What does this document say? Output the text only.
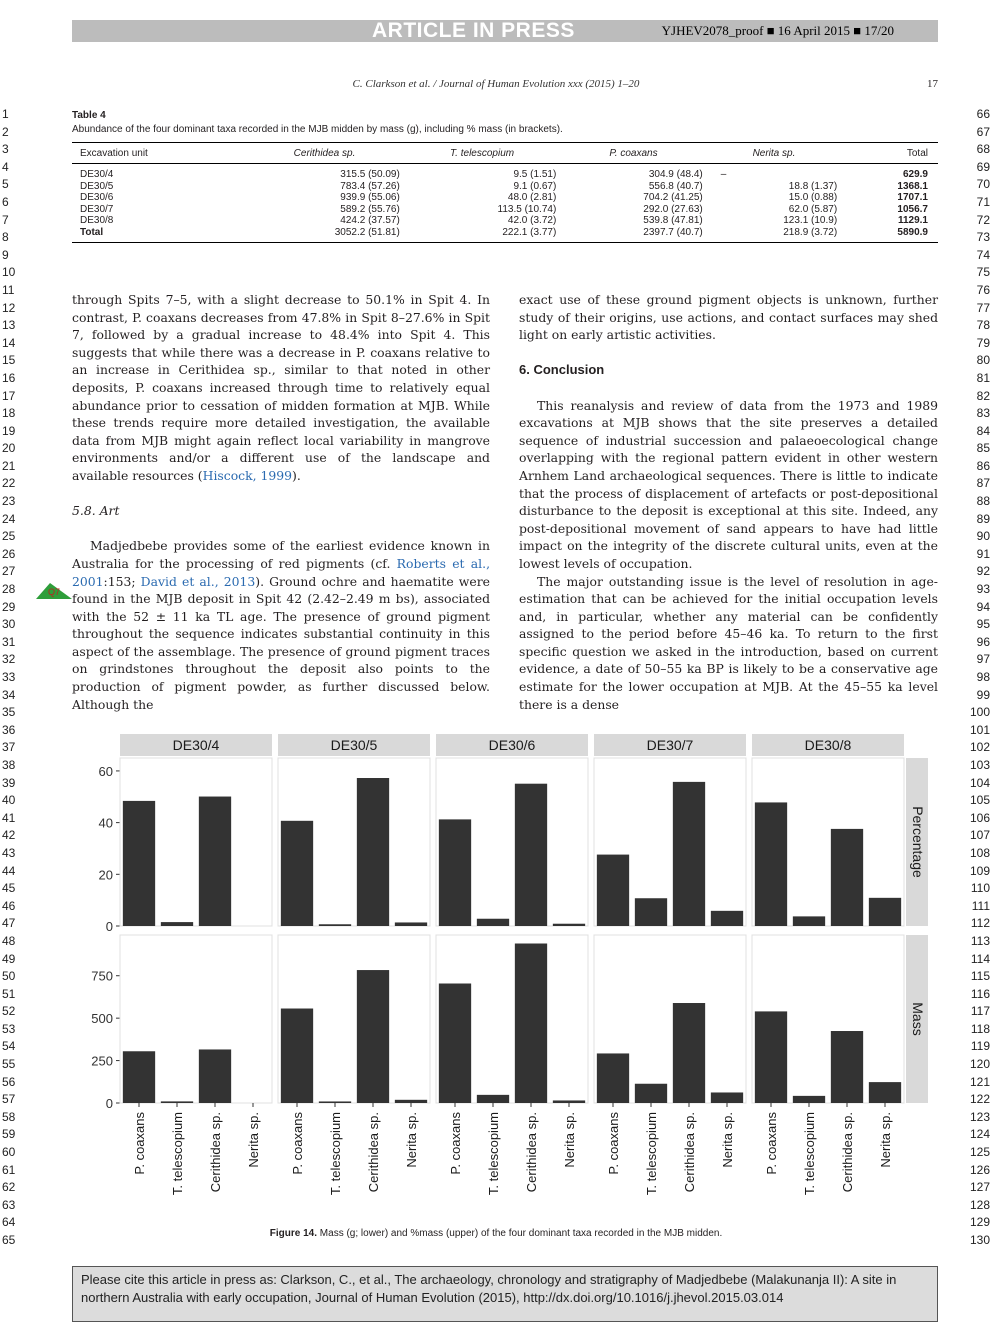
ARTICLE IN PRESS	YJHEV2078_proof ■ 16 April 2015 ■ 17/20
C. Clarkson et al. / Journal of Human Evolution xxx (2015) 1–20	17
1
2
3
4
5
6
7
8
9
10
11
12
13
14
15
16
17
18
19
20
21
22
23
24
25
26
27
28
29
30
31
32
33
34
35
36
37
38
39
40
41
42
43
44
45
46
47
48
49
50
51
52
53
54
55
56
57
58
59
60
61
62
63
64
65
66
67
68
69
70
71
72
73
74
75
76
77
78
79
80
81
82
83
84
85
86
87
88
89
90
91
92
93
94
95
96
97
98
99
100
101
102
103
104
105
106
107
108
109
110
111
112
113
114
115
116
117
118
119
120
121
122
123
124
125
126
127
128
129
130
Table 4
Abundance of the four dominant taxa recorded in the MJB midden by mass (g), including % mass (in brackets).
Excavation unit	Cerithidea sp.	T. telescopium	P. coaxans	Nerita sp.	Total
DE30/4	315.5 (50.09)	9.5 (1.51)	304.9 (48.4)	–	629.9
DE30/5	783.4 (57.26)	9.1 (0.67)	556.8 (40.7)	18.8 (1.37)	1368.1
DE30/6	939.9 (55.06)	48.0 (2.81)	704.2 (41.25)	15.0 (0.88)	1707.1
DE30/7	589.2 (55.76)	113.5 (10.74)	292.0 (27.63)	62.0 (5.87)	1056.7
DE30/8	424.2 (37.57)	42.0 (3.72)	539.8 (47.81)	123.1 (10.9)	1129.1
Total	3052.2 (51.81)	222.1 (3.77)	2397.7 (40.7)	218.9 (3.72)	5890.9
Q7

through Spits 7–5, with a slight decrease to 50.1% in Spit 4. In contrast, P. coaxans decreases from 47.8% in Spit 8–27.6% in Spit 7, followed by a gradual increase to 48.4% into Spit 4. This suggests that while there was a decrease in P. coaxans relative to an increase in Cerithidea sp., similar to that noted in other deposits, P. coaxans increased through time to relatively equal abundance prior to cessation of midden formation at MJB. While these trends require more detailed investigation, the available data from MJB might again reflect local variability in mangrove environments and/or a different use of the landscape and available resources (Hiscock, 1999).

5.8. Art

Madjedbebe provides some of the earliest evidence known in Australia for the processing of red pigments (cf. Roberts et al., 2001:153; David et al., 2013). Ground ochre and haematite were found in the MJB deposit in Spit 42 (2.42–2.49 m bs), associated with the 52 ± 11 ka TL age. The presence of ground pigment throughout the sequence indicates substantial continuity in this aspect of the assemblage. The presence of ground pigment traces on grindstones throughout the deposit also points to the production of pigment powder, as further discussed below. Although the

exact use of these ground pigment objects is unknown, further study of their origins, use actions, and contact surfaces may shed light on early artistic activities.

6. Conclusion

This reanalysis and review of data from the 1973 and 1989 excavations at MJB shows that the site preserves a detailed sequence of industrial succession and palaeoecological change overlapping with the regional pattern evident in other western Arnhem Land archaeological sequences. There is little to indicate that the process of displacement of artefacts or post-depositional disturbance to the deposit is exceptional at this site. Indeed, any post-depositional movement of sand appears to have had little impact on the integrity of the discrete cultural units, even at the lowest levels of occupation.

The major outstanding issue is the level of resolution in age-estimation that can be achieved for the initial occupation levels and, in particular, whether any material can be confidently assigned to the period before 45–46 ka. To return to the first specific question we asked in the introduction, based on current evidence, a date of 50–55 ka BP is likely to be a conservative age estimate for the lower occupation at MJB. At the 45–55 ka level there is a dense

DE30/4	DE30/5	DE30/6	DE30/7	DE30/8
0
20
40
60
Percentage
0
250
500
750
Mass
P. coaxans T. telescopium Cerithidea sp. Nerita sp. P. coaxans T. telescopium Cerithidea sp. Nerita sp. P. coaxans T. telescopium Cerithidea sp. Nerita sp. P. coaxans T. telescopium Cerithidea sp. Nerita sp. P. coaxans T. telescopium Cerithidea sp. Nerita sp.
Figure 14. Mass (g; lower) and %mass (upper) of the four dominant taxa recorded in the MJB midden.
Please cite this article in press as: Clarkson, C., et al., The archaeology, chronology and stratigraphy of Madjedbebe (Malakunanja II): A site in northern Australia with early occupation, Journal of Human Evolution (2015), http://dx.doi.org/10.1016/j.jhevol.2015.03.014
